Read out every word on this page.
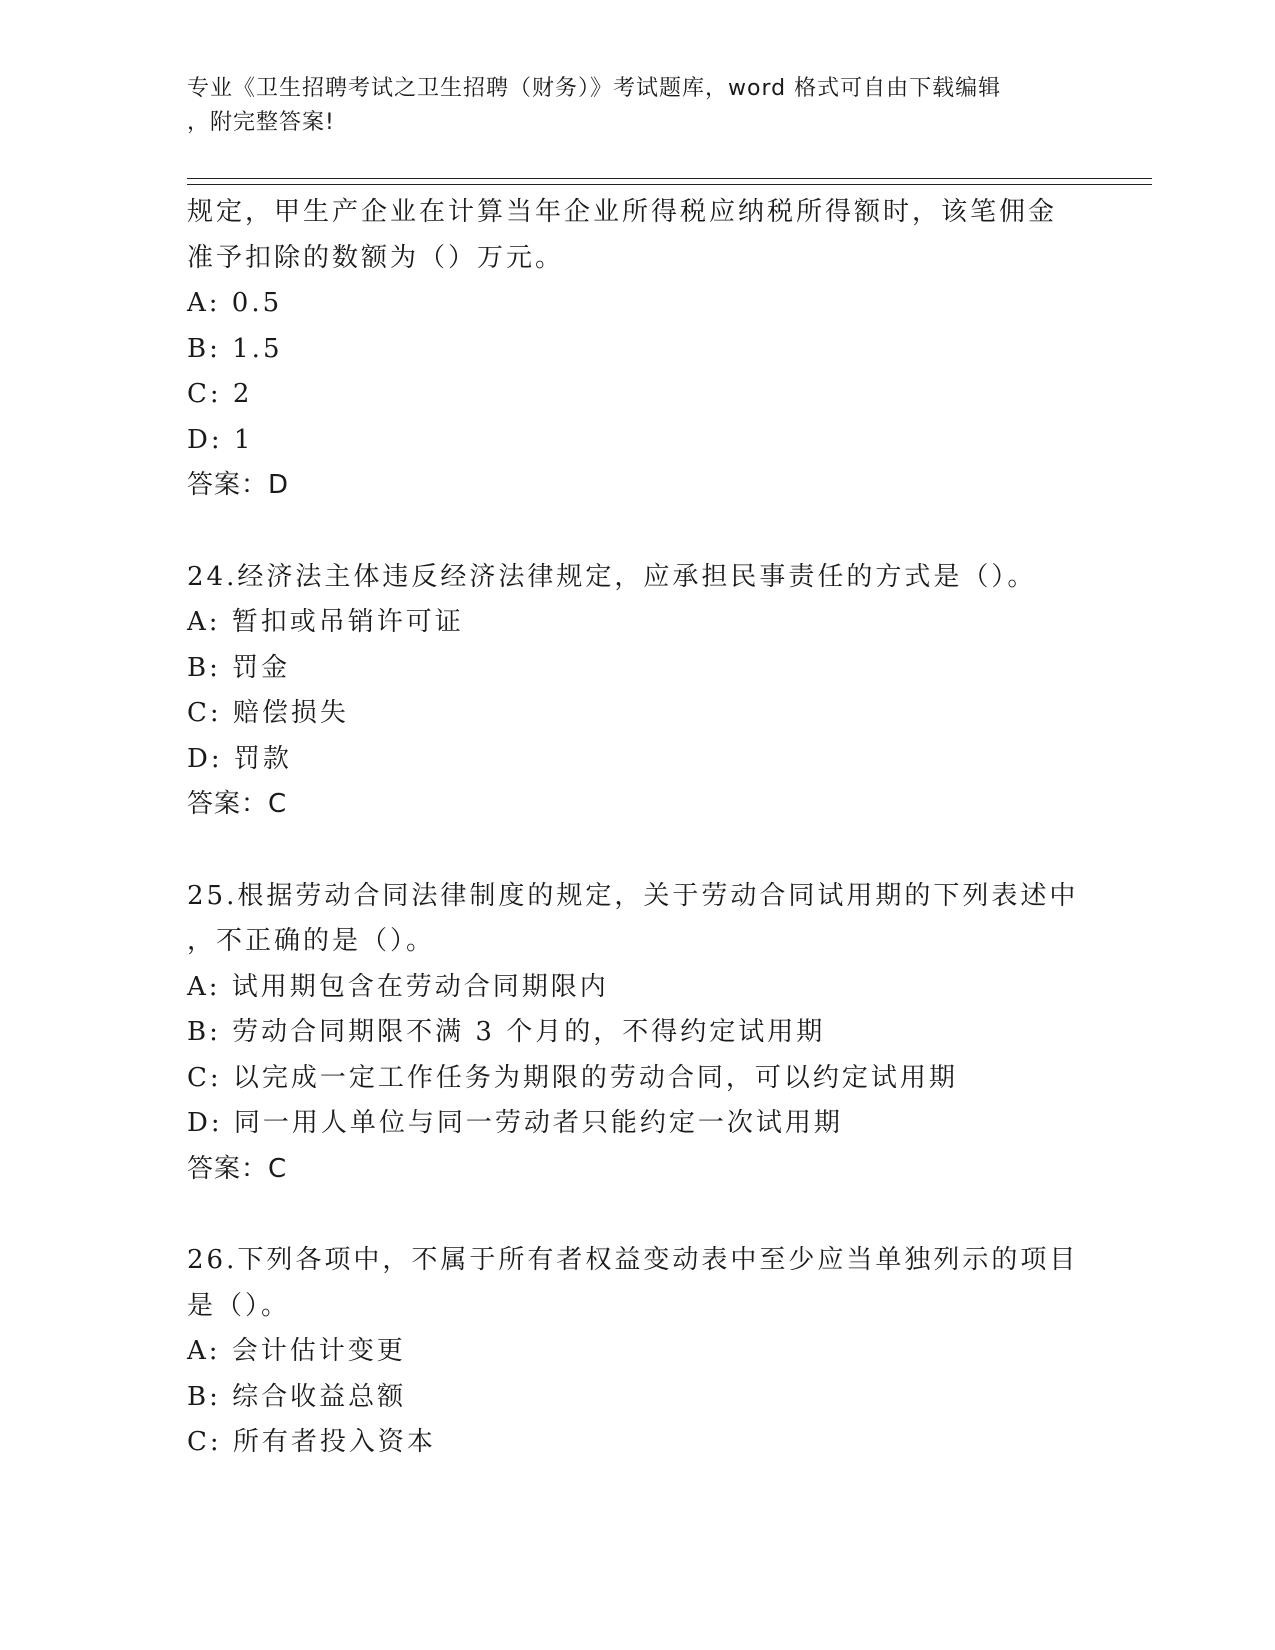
专业《卫生招聘考试之卫生招聘（财务）》考试题库，word 格式可自由下载编辑
，附完整答案!
规定，甲生产企业在计算当年企业所得税应纳税所得额时，该笔佣金
准予扣除的数额为（）万元。
A: 0.5
B: 1.5
C: 2
D: 1
答案：D
24.经济法主体违反经济法律规定，应承担民事责任的方式是（）。
A: 暂扣或吊销许可证
B: 罚金
C: 赔偿损失
D: 罚款
答案：C
25.根据劳动合同法律制度的规定，关于劳动合同试用期的下列表述中
，不正确的是（）。
A: 试用期包含在劳动合同期限内
B: 劳动合同期限不满 3 个月的，不得约定试用期
C: 以完成一定工作任务为期限的劳动合同，可以约定试用期
D: 同一用人单位与同一劳动者只能约定一次试用期
答案：C
26.下列各项中，不属于所有者权益变动表中至少应当单独列示的项目
是（）。
A: 会计估计变更
B: 综合收益总额
C: 所有者投入资本
